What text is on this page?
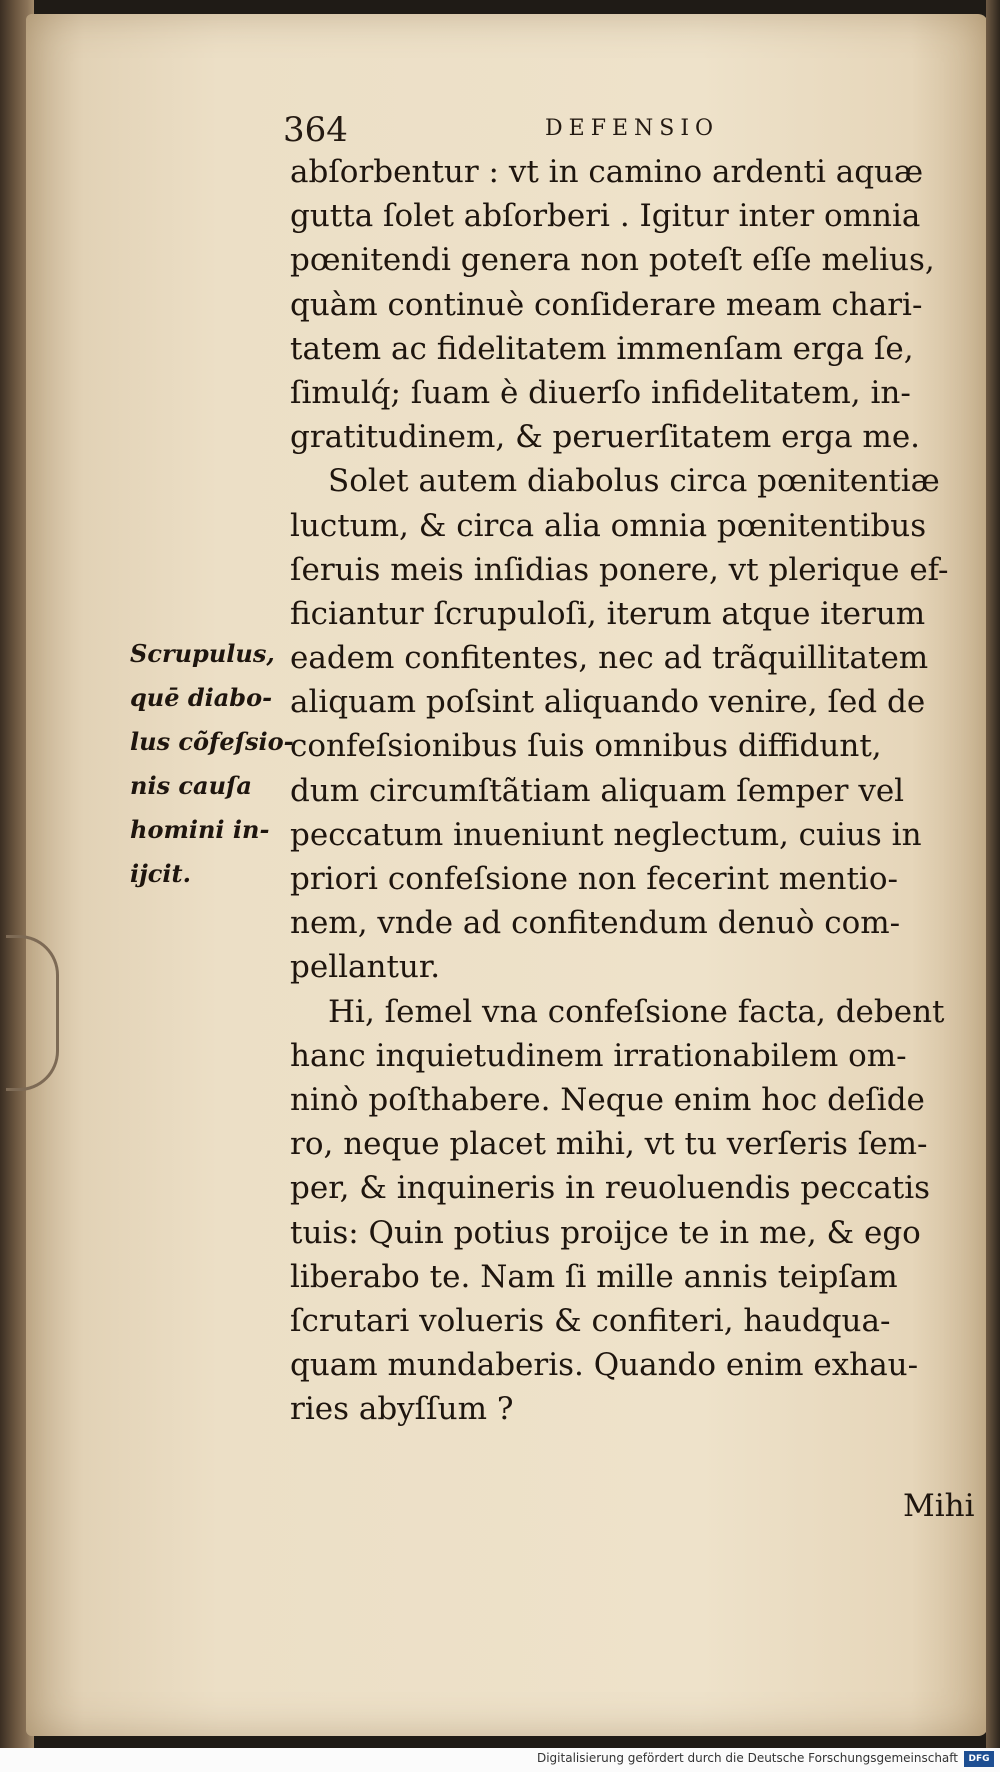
364	DEFENSIO
abſorbentur : vt in camino ardenti aquæ
gutta ſolet abſorberi . Igitur inter omnia
pœnitendi genera non poteſt eſſe melius,
quàm continuè conſiderare meam chari-
tatem ac fidelitatem immenſam erga ſe,
ſimulq́; ſuam è diuerſo infidelitatem, in-
gratitudinem, & peruerſitatem erga me.
Solet autem diabolus circa pœnitentiæ
luctum, & circa alia omnia pœnitentibus
ſeruis meis inſidias ponere, vt plerique ef-
ficiantur ſcrupuloſi, iterum atque iterum
eadem confitentes, nec ad trãquillitatem
aliquam poſsint aliquando venire, ſed de
confeſsionibus ſuis omnibus diffidunt,
dum circumſtãtiam aliquam ſemper vel
peccatum inueniunt neglectum, cuius in
priori confeſsione non fecerint mentio-
nem, vnde ad confitendum denuò com-
pellantur.
Hi, ſemel vna confeſsione facta, debent
hanc inquietudinem irrationabilem om-
ninò poſthabere. Neque enim hoc deſide
ro, neque placet mihi, vt tu verſeris ſem-
per, & inquineris in reuoluendis peccatis
tuis: Quin potius proijce te in me, & ego
liberabo te. Nam ſi mille annis teipſam
ſcrutari volueris & confiteri, haudqua-
quam mundaberis. Quando enim exhau-
ries abyſſum ?
Scrupulus,
quē diabo-
lus cõfeſsio-
nis cauſa
homini in-
ijcit.
Mihi
Digitalisierung gefördert durch die Deutsche Forschungsgemeinschaft	DFG
